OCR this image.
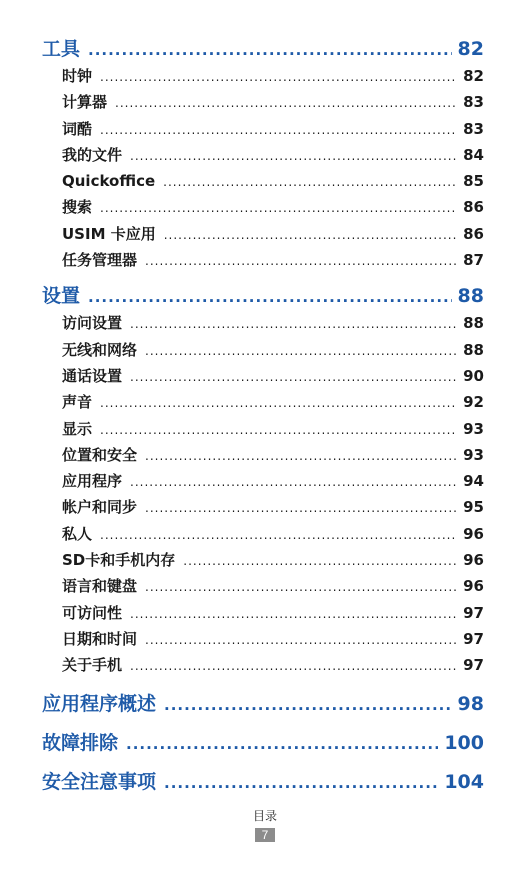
工具 .....	82
时钟 .....	82
计算器 .....	83
词酷 .....	83
我的文件 .....	84
Quickoffice .....	85
搜索 .....	86
USIM 卡应用 .....	86
任务管理器 .....	87
设置 .....	88
访问设置 .....	88
无线和网络 .....	88
通话设置 .....	90
声音 .....	92
显示 .....	93
位置和安全 .....	93
应用程序 .....	94
帐户和同步 .....	95
私人 .....	96
SD卡和手机内存 .....	96
语言和键盘 .....	96
可访问性 .....	97
日期和时间 .....	97
关于手机 .....	97
应用程序概述 .....	98
故障排除 .....	100
安全注意事项 .....	104
目录
7
